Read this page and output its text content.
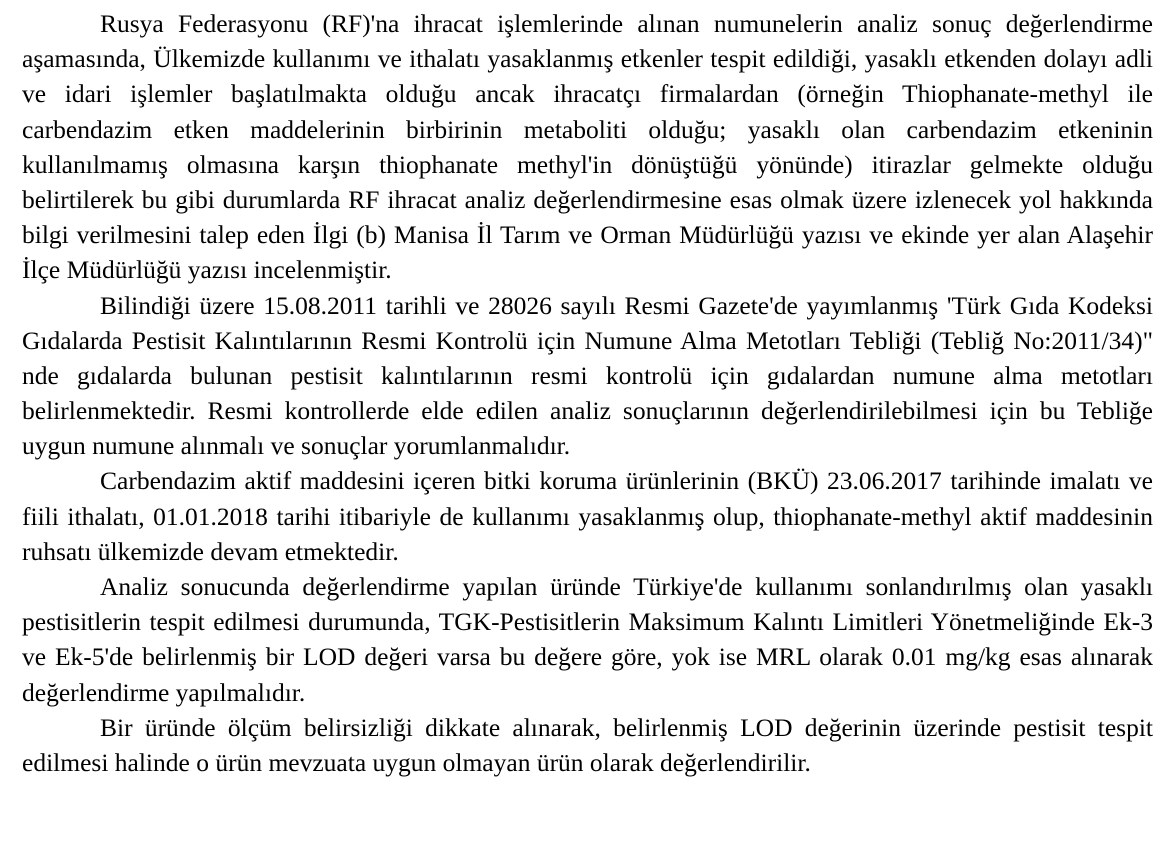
Rusya Federasyonu (RF)'na ihracat işlemlerinde alınan numunelerin analiz sonuç değerlendirme aşamasında, Ülkemizde kullanımı ve ithalatı yasaklanmış etkenler tespit edildiği, yasaklı etkenden dolayı adli ve idari işlemler başlatılmakta olduğu ancak ihracatçı firmalardan (örneğin Thiophanate-methyl ile carbendazim etken maddelerinin birbirinin metaboliti olduğu; yasaklı olan carbendazim etkeninin kullanılmamış olmasına karşın thiophanate methyl'in dönüştüğü yönünde) itirazlar gelmekte olduğu belirtilerek bu gibi durumlarda RF ihracat analiz değerlendirmesine esas olmak üzere izlenecek yol hakkında bilgi verilmesini talep eden İlgi (b) Manisa İl Tarım ve Orman Müdürlüğü yazısı ve ekinde yer alan Alaşehir İlçe Müdürlüğü yazısı incelenmiştir.

Bilindiği üzere 15.08.2011 tarihli ve 28026 sayılı Resmi Gazete'de yayımlanmış 'Türk Gıda Kodeksi Gıdalarda Pestisit Kalıntılarının Resmi Kontrolü için Numune Alma Metotları Tebliği (Tebliğ No:2011/34)" nde gıdalarda bulunan pestisit kalıntılarının resmi kontrolü için gıdalardan numune alma metotları belirlenmektedir. Resmi kontrollerde elde edilen analiz sonuçlarının değerlendirilebilmesi için bu Tebliğe uygun numune alınmalı ve sonuçlar yorumlanmalıdır.

Carbendazim aktif maddesini içeren bitki koruma ürünlerinin (BKÜ) 23.06.2017 tarihinde imalatı ve fiili ithalatı, 01.01.2018 tarihi itibariyle de kullanımı yasaklanmış olup, thiophanate-methyl aktif maddesinin ruhsatı ülkemizde devam etmektedir.

Analiz sonucunda değerlendirme yapılan üründe Türkiye'de kullanımı sonlandırılmış olan yasaklı pestisitlerin tespit edilmesi durumunda, TGK-Pestisitlerin Maksimum Kalıntı Limitleri Yönetmeliğinde Ek-3 ve Ek-5'de belirlenmiş bir LOD değeri varsa bu değere göre, yok ise MRL olarak 0.01 mg/kg esas alınarak değerlendirme yapılmalıdır.

Bir üründe ölçüm belirsizliği dikkate alınarak, belirlenmiş LOD değerinin üzerinde pestisit tespit edilmesi halinde o ürün mevzuata uygun olmayan ürün olarak değerlendirilir.
